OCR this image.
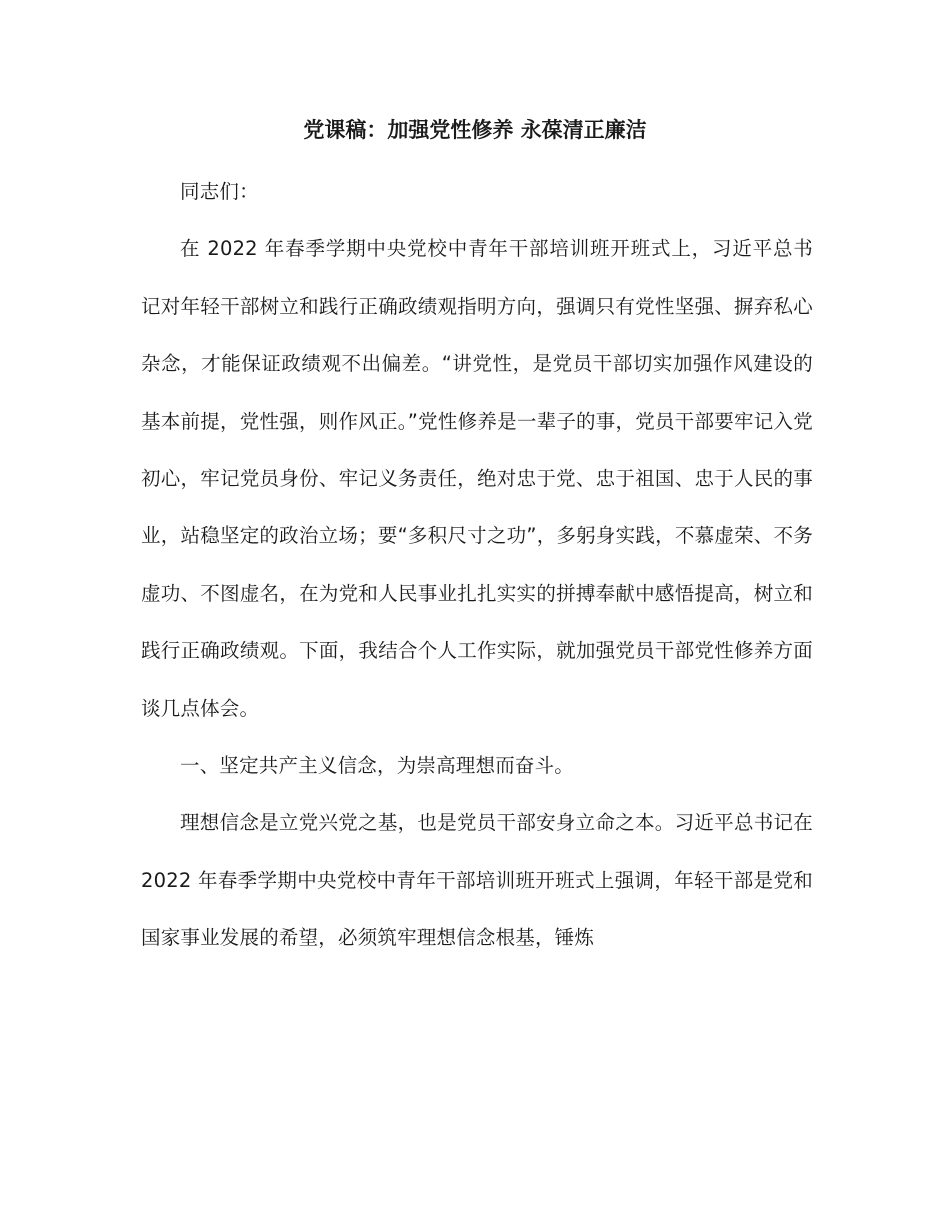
党课稿：加强党性修养 永葆清正廉洁

同志们：

在 2022 年春季学期中央党校中青年干部培训班开班式上，习近平总书记对年轻干部树立和践行正确政绩观指明方向，强调只有党性坚强、摒弃私心杂念，才能保证政绩观不出偏差。“讲党性，是党员干部切实加强作风建设的基本前提，党性强，则作风正。”党性修养是一辈子的事，党员干部要牢记入党初心，牢记党员身份、牢记义务责任，绝对忠于党、忠于祖国、忠于人民的事业，站稳坚定的政治立场；要“多积尺寸之功”，多躬身实践，不慕虚荣、不务虚功、不图虚名，在为党和人民事业扎扎实实的拼搏奉献中感悟提高，树立和践行正确政绩观。下面，我结合个人工作实际，就加强党员干部党性修养方面谈几点体会。

一、坚定共产主义信念，为崇高理想而奋斗。

理想信念是立党兴党之基，也是党员干部安身立命之本。习近平总书记在 2022 年春季学期中央党校中青年干部培训班开班式上强调，年轻干部是党和国家事业发展的希望，必须筑牢理想信念根基，锤炼
